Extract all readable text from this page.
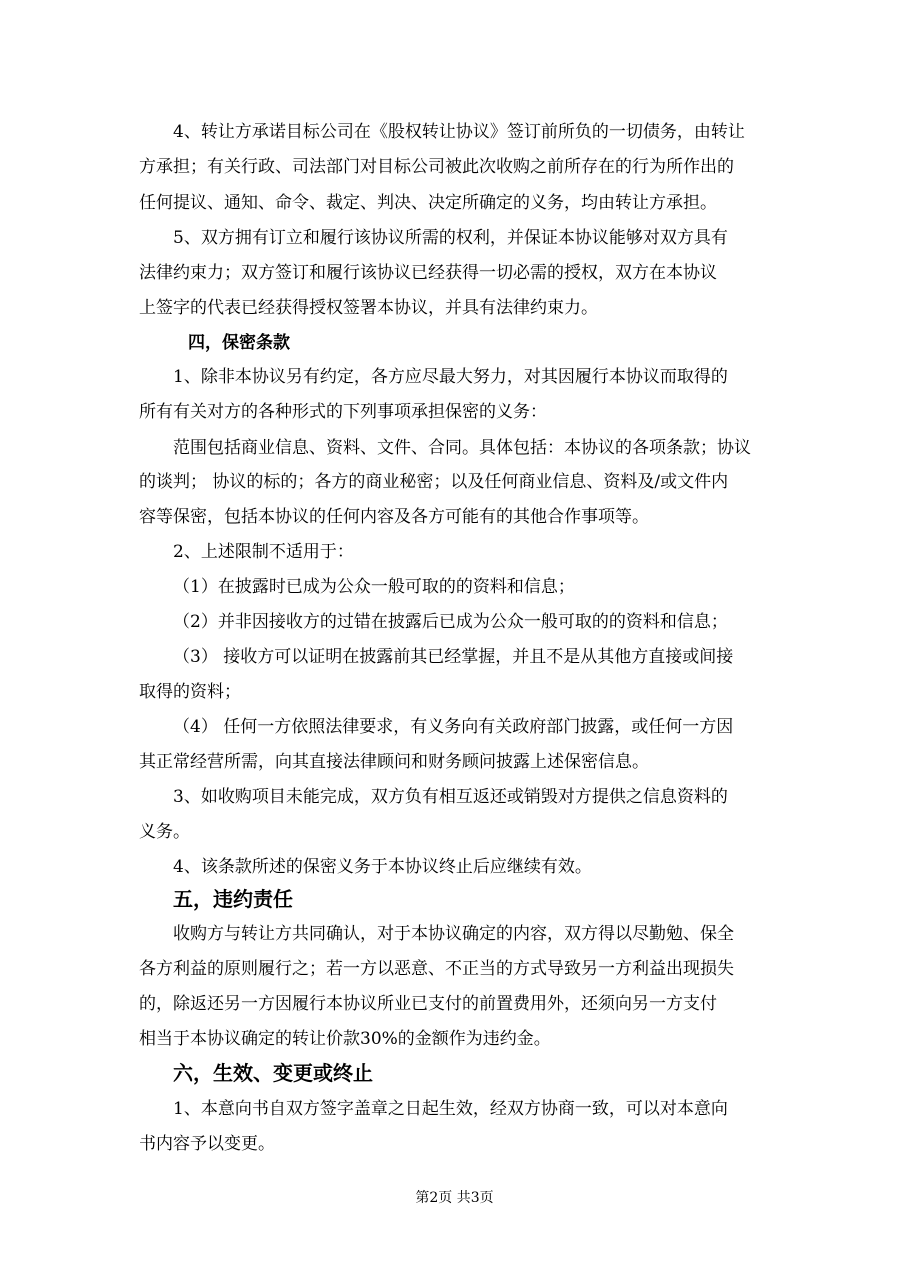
4、转让方承诺目标公司在《股权转让协议》签订前所负的一切债务，由转让

方承担；有关行政、司法部门对目标公司被此次收购之前所存在的行为所作出的

任何提议、通知、命令、裁定、判决、决定所确定的义务，均由转让方承担。

5、双方拥有订立和履行该协议所需的权利，并保证本协议能够对双方具有

法律约束力；双方签订和履行该协议已经获得一切必需的授权，双方在本协议

上签字的代表已经获得授权签署本协议，并具有法律约束力。

四，保密条款

1、除非本协议另有约定，各方应尽最大努力，对其因履行本协议而取得的

所有有关对方的各种形式的下列事项承担保密的义务：

范围包括商业信息、资料、文件、合同。具体包括：本协议的各项条款；协议

的谈判； 协议的标的；各方的商业秘密；以及任何商业信息、资料及/或文件内

容等保密，包括本协议的任何内容及各方可能有的其他合作事项等。

2、上述限制不适用于：

（1）在披露时已成为公众一般可取的的资料和信息；

（2）并非因接收方的过错在披露后已成为公众一般可取的的资料和信息；

（3） 接收方可以证明在披露前其已经掌握，并且不是从其他方直接或间接

取得的资料；

（4） 任何一方依照法律要求，有义务向有关政府部门披露，或任何一方因

其正常经营所需，向其直接法律顾问和财务顾问披露上述保密信息。

3、如收购项目未能完成，双方负有相互返还或销毁对方提供之信息资料的

义务。

4、该条款所述的保密义务于本协议终止后应继续有效。

五，违约责任

收购方与转让方共同确认，对于本协议确定的内容，双方得以尽勤勉、保全

各方利益的原则履行之；若一方以恶意、不正当的方式导致另一方利益出现损失

的，除返还另一方因履行本协议所业已支付的前置费用外，还须向另一方支付

相当于本协议确定的转让价款30%的金额作为违约金。

六，生效、变更或终止

1、本意向书自双方签字盖章之日起生效，经双方协商一致，可以对本意向

书内容予以变更。

第2页 共3页
